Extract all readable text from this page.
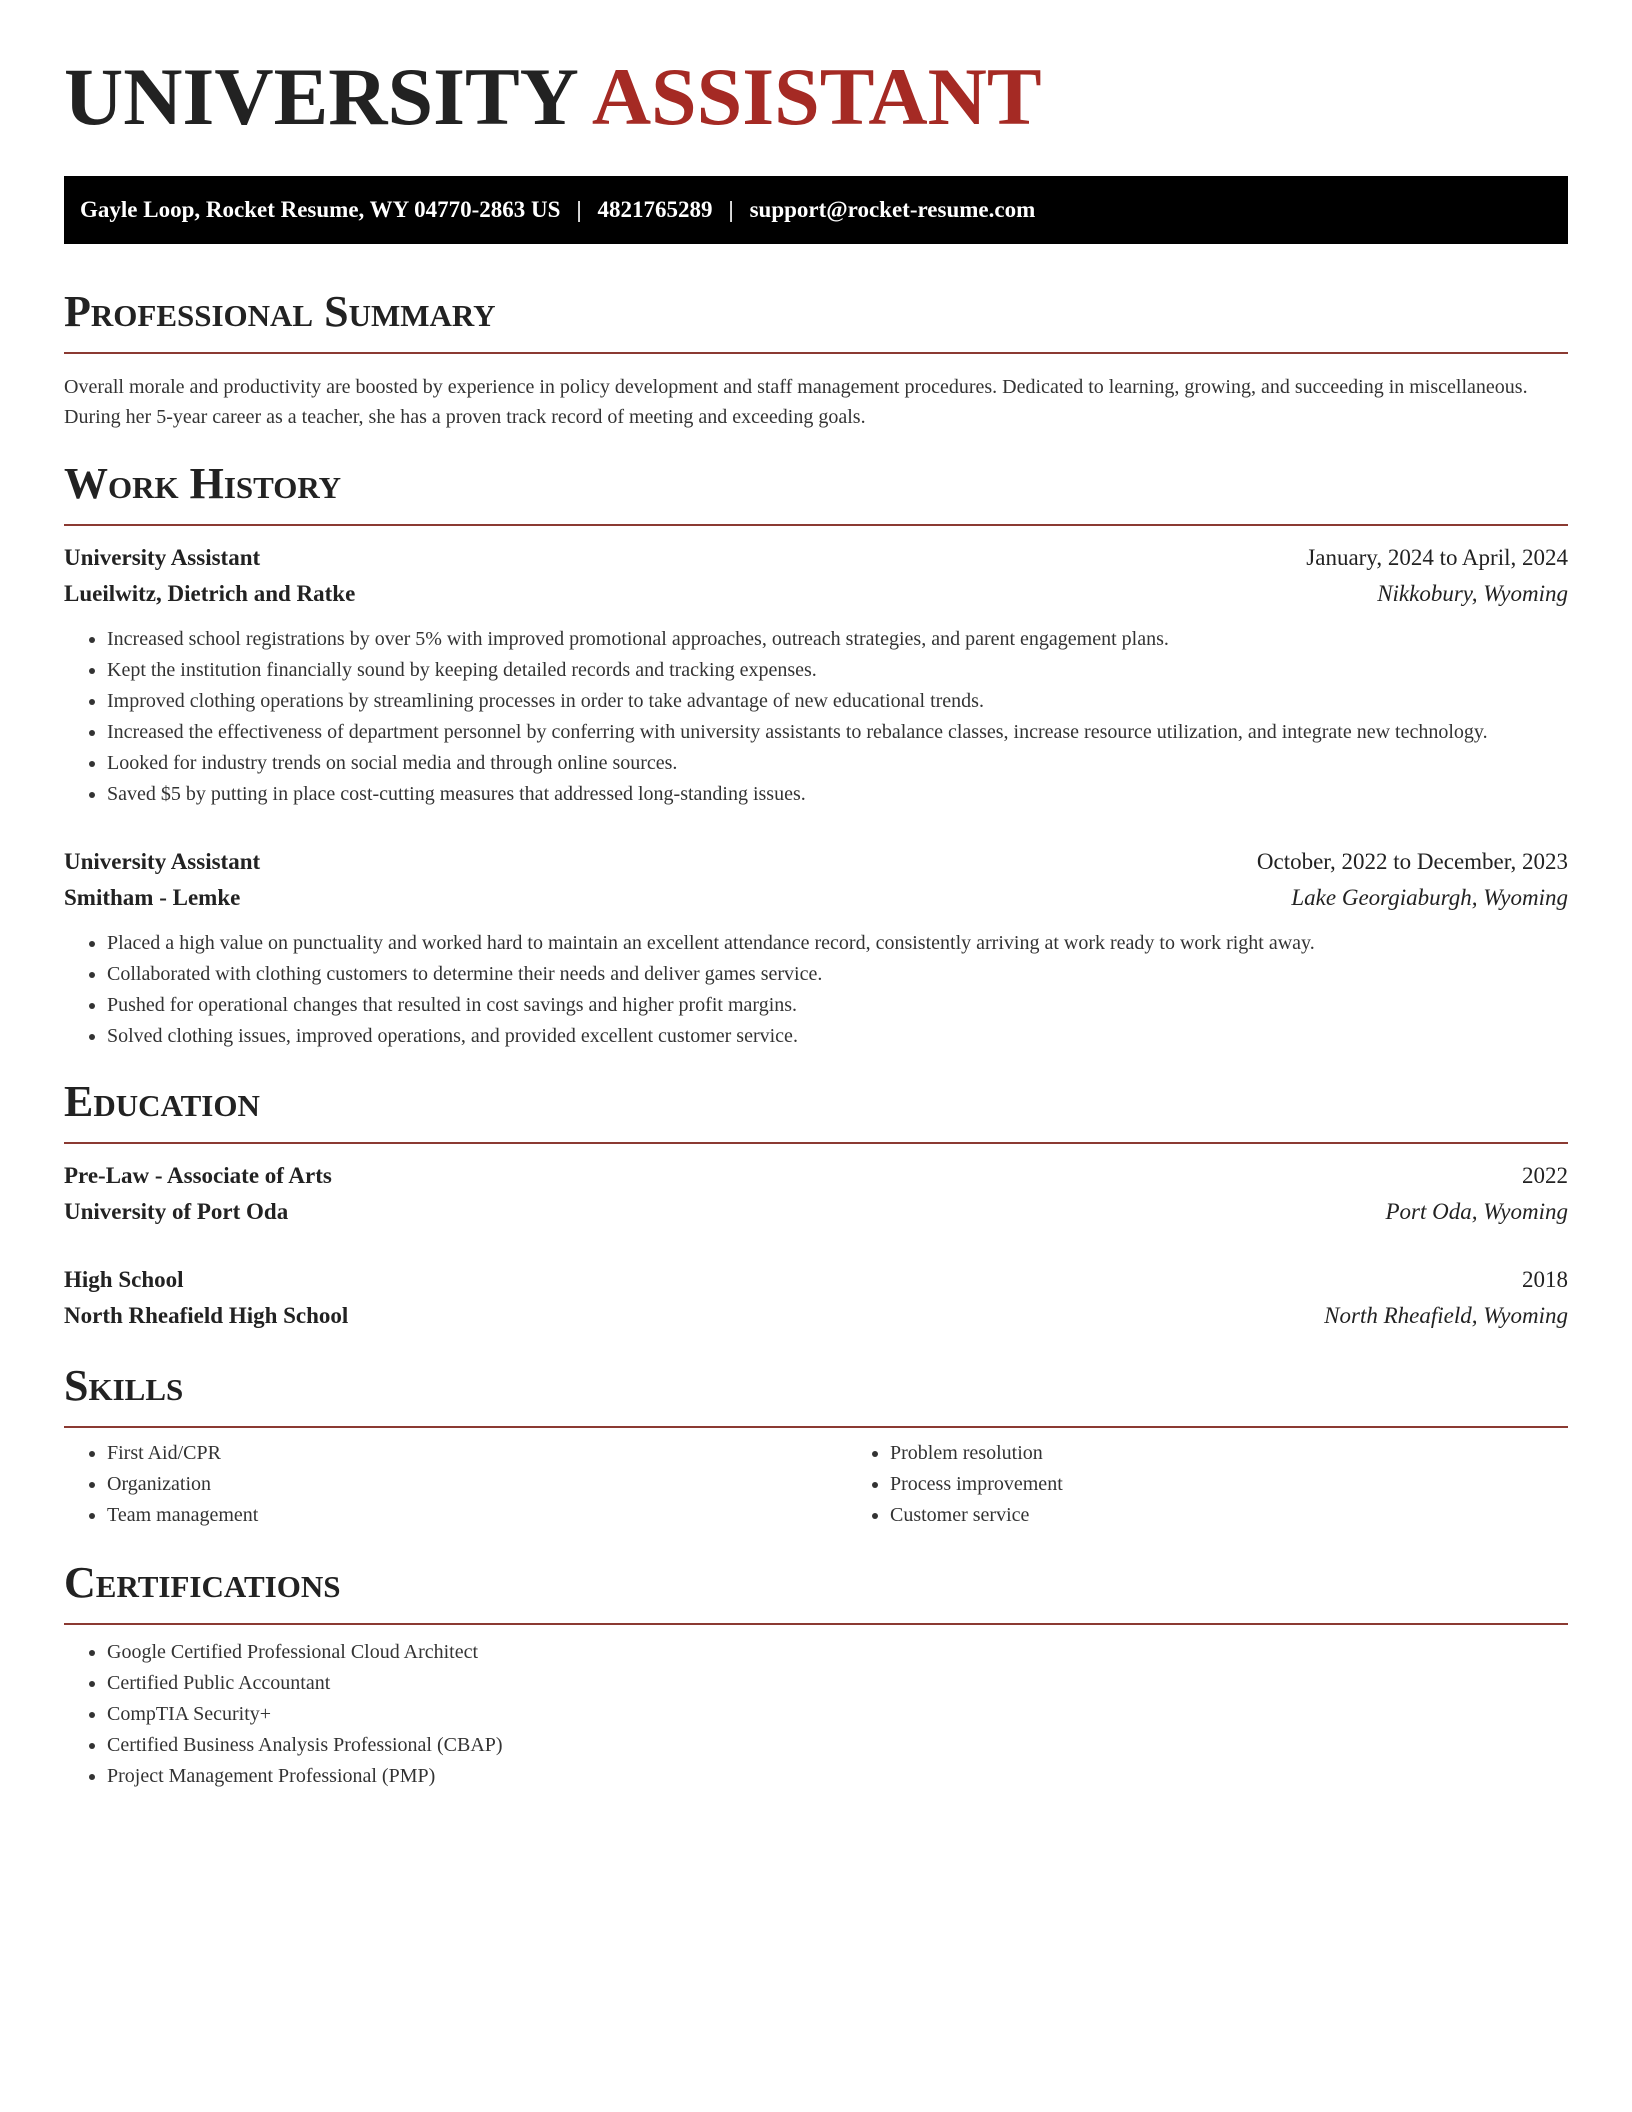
UNIVERSITY ASSISTANT
Gayle Loop, Rocket Resume, WY 04770-2863 US | 4821765289 | support@rocket-resume.com
Professional Summary

Overall morale and productivity are boosted by experience in policy development and staff management procedures. Dedicated to learning, growing, and succeeding in miscellaneous. During her 5-year career as a teacher, she has a proven track record of meeting and exceeding goals.

Work History
University Assistant	January, 2024 to April, 2024
Lueilwitz, Dietrich and Ratke	Nikkobury, Wyoming
• Increased school registrations by over 5% with improved promotional approaches, outreach strategies, and parent engagement plans.
• Kept the institution financially sound by keeping detailed records and tracking expenses.
• Improved clothing operations by streamlining processes in order to take advantage of new educational trends.
• Increased the effectiveness of department personnel by conferring with university assistants to rebalance classes, increase resource utilization, and integrate new technology.
• Looked for industry trends on social media and through online sources.
• Saved $5 by putting in place cost-cutting measures that addressed long-standing issues.
University Assistant	October, 2022 to December, 2023
Smitham - Lemke	Lake Georgiaburgh, Wyoming
• Placed a high value on punctuality and worked hard to maintain an excellent attendance record, consistently arriving at work ready to work right away.
• Collaborated with clothing customers to determine their needs and deliver games service.
• Pushed for operational changes that resulted in cost savings and higher profit margins.
• Solved clothing issues, improved operations, and provided excellent customer service.
Education
Pre-Law - Associate of Arts	2022
University of Port Oda	Port Oda, Wyoming
High School	2018
North Rheafield High School	North Rheafield, Wyoming
Skills
• First Aid/CPR
• Organization
• Team management
• Problem resolution
• Process improvement
• Customer service
Certifications
• Google Certified Professional Cloud Architect
• Certified Public Accountant
• CompTIA Security+
• Certified Business Analysis Professional (CBAP)
• Project Management Professional (PMP)
